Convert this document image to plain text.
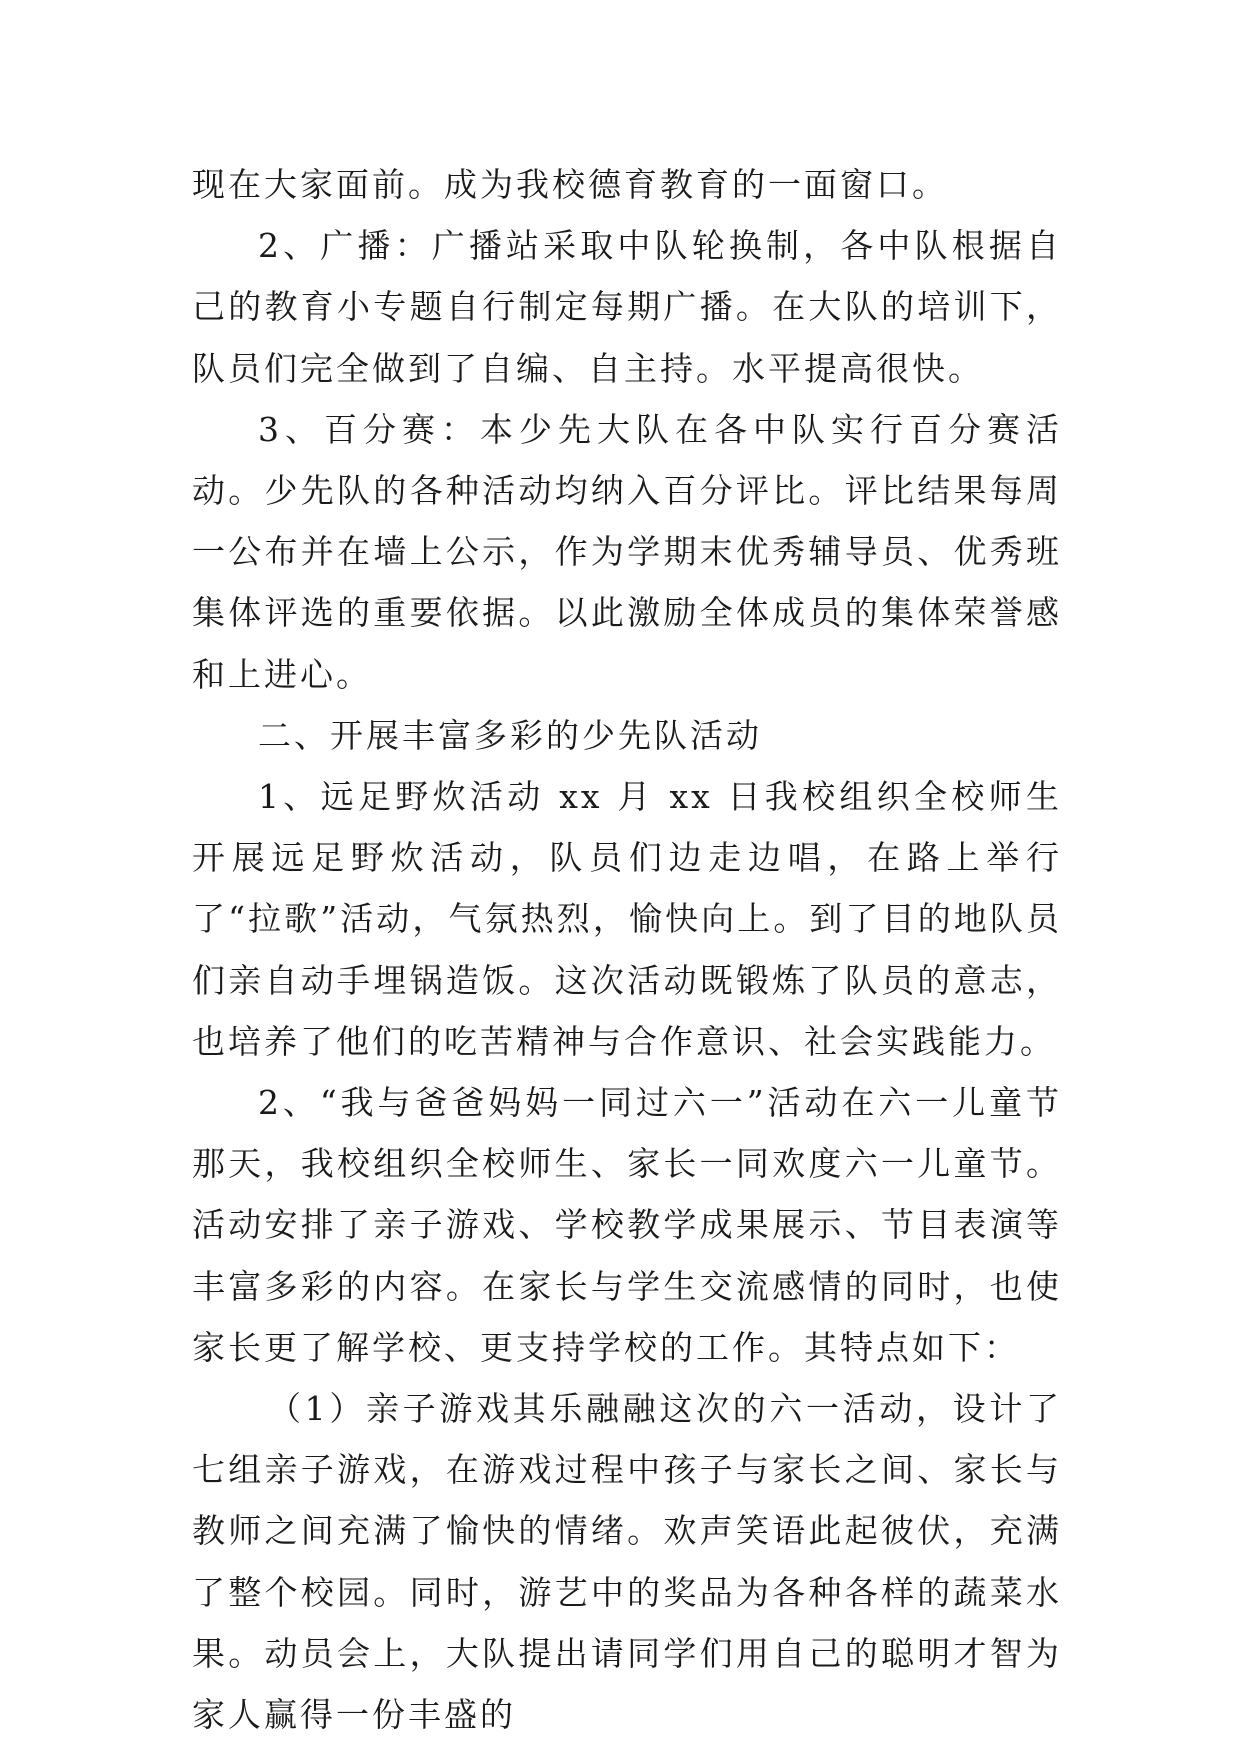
现在大家面前。成为我校德育教育的一面窗口。

2、广播：广播站采取中队轮换制，各中队根据自己的教育小专题自行制定每期广播。在大队的培训下，队员们完全做到了自编、自主持。水平提高很快。

3、百分赛：本少先大队在各中队实行百分赛活动。少先队的各种活动均纳入百分评比。评比结果每周一公布并在墙上公示，作为学期末优秀辅导员、优秀班集体评选的重要依据。以此激励全体成员的集体荣誉感和上进心。

二、开展丰富多彩的少先队活动

1、远足野炊活动 xx 月 xx 日我校组织全校师生开展远足野炊活动，队员们边走边唱，在路上举行了“拉歌”活动，气氛热烈，愉快向上。到了目的地队员们亲自动手埋锅造饭。这次活动既锻炼了队员的意志，也培养了他们的吃苦精神与合作意识、社会实践能力。

2、“我与爸爸妈妈一同过六一”活动在六一儿童节那天，我校组织全校师生、家长一同欢度六一儿童节。活动安排了亲子游戏、学校教学成果展示、节目表演等丰富多彩的内容。在家长与学生交流感情的同时，也使家长更了解学校、更支持学校的工作。其特点如下：

（1）亲子游戏其乐融融这次的六一活动，设计了七组亲子游戏，在游戏过程中孩子与家长之间、家长与教师之间充满了愉快的情绪。欢声笑语此起彼伏，充满了整个校园。同时，游艺中的奖品为各种各样的蔬菜水果。动员会上，大队提出请同学们用自己的聪明才智为家人赢得一份丰盛的
